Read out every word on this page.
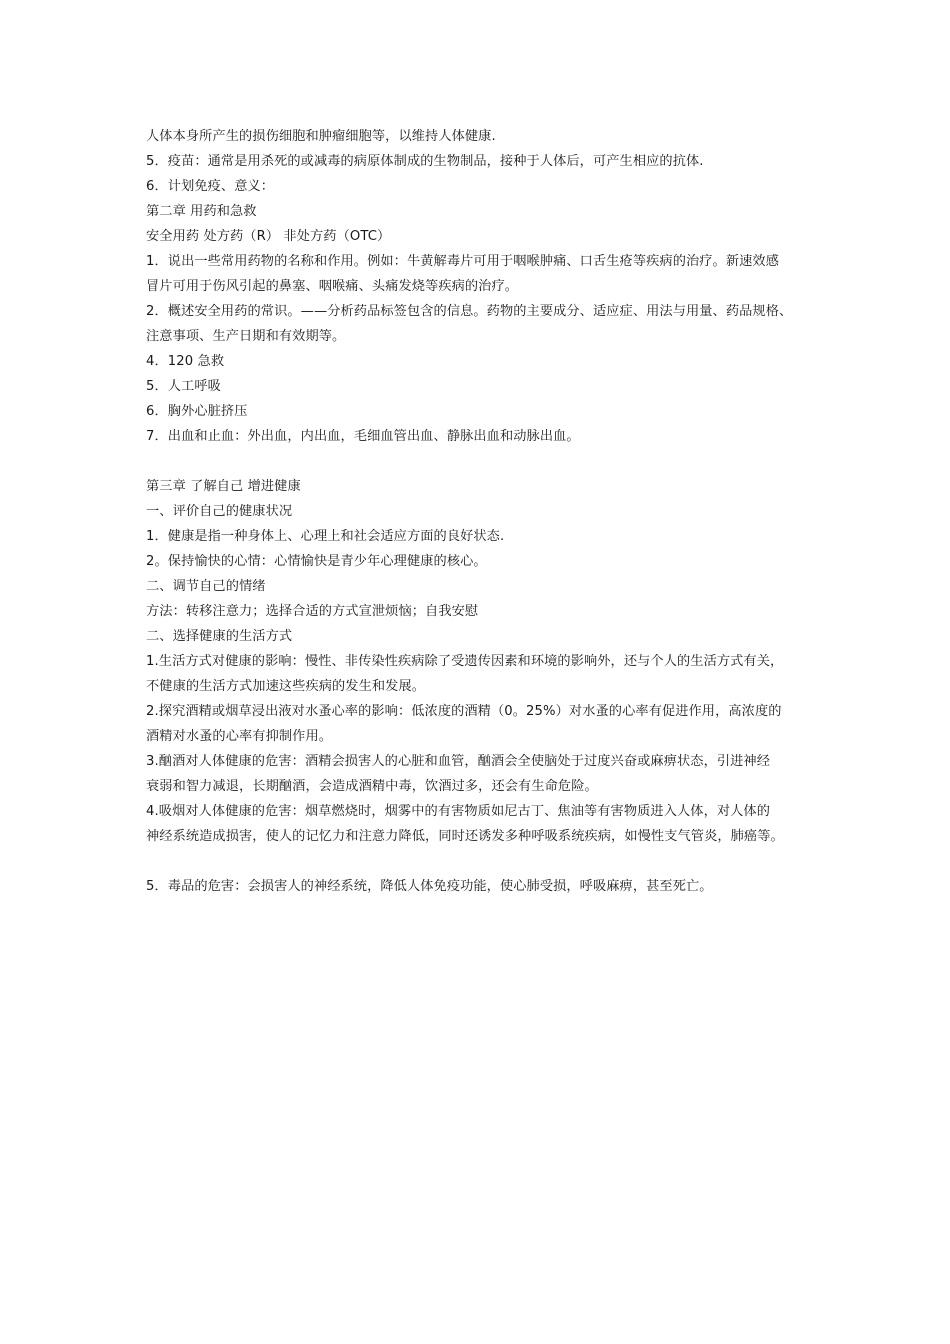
人体本身所产生的损伤细胞和肿瘤细胞等，以维持人体健康.
5．疫苗：通常是用杀死的或减毒的病原体制成的生物制品，接种于人体后，可产生相应的抗体.
6．计划免疫、意义：
第二章 用药和急救
安全用药 处方药（R） 非处方药（OTC）
1．说出一些常用药物的名称和作用。例如：牛黄解毒片可用于咽喉肿痛、口舌生疮等疾病的治疗。新速效感
冒片可用于伤风引起的鼻塞、咽喉痛、头痛发烧等疾病的治疗。
2．概述安全用药的常识。——分析药品标签包含的信息。药物的主要成分、适应症、用法与用量、药品规格、
注意事项、生产日期和有效期等。
4．120 急救
5．人工呼吸
6．胸外心脏挤压
7．出血和止血：外出血，内出血，毛细血管出血、静脉出血和动脉出血。
第三章 了解自己 增进健康
一、评价自己的健康状况
1．健康是指一种身体上、心理上和社会适应方面的良好状态.
2。保持愉快的心情：心情愉快是青少年心理健康的核心。
二、调节自己的情绪
方法：转移注意力；选择合适的方式宣泄烦恼；自我安慰
二、选择健康的生活方式
1.生活方式对健康的影响：慢性、非传染性疾病除了受遗传因素和环境的影响外，还与个人的生活方式有关，
不健康的生活方式加速这些疾病的发生和发展。
2.探究酒精或烟草浸出液对水蚤心率的影响：低浓度的酒精（0。25%）对水蚤的心率有促进作用，高浓度的
酒精对水蚤的心率有抑制作用。
3.酗酒对人体健康的危害：酒精会损害人的心脏和血管，酗酒会全使脑处于过度兴奋或麻痹状态，引进神经
衰弱和智力减退，长期酗酒，会造成酒精中毒，饮酒过多，还会有生命危险。
4.吸烟对人体健康的危害：烟草燃烧时，烟雾中的有害物质如尼古丁、焦油等有害物质进入人体，对人体的
神经系统造成损害，使人的记忆力和注意力降低，同时还诱发多种呼吸系统疾病，如慢性支气管炎，肺癌等。
5．毒品的危害：会损害人的神经系统，降低人体免疫功能，使心肺受损，呼吸麻痹，甚至死亡。
